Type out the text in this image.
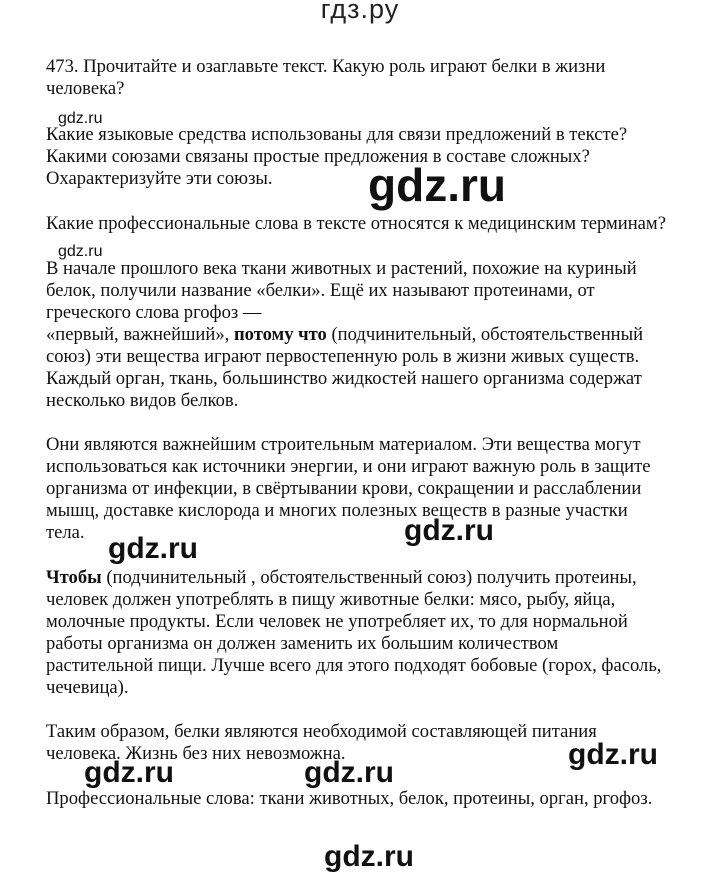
гдз.ру
473. Прочитайте и озаглавьте текст. Какую роль играют белки в жизни
человека?
Какие языковые средства использованы для связи предложений в тексте?
Какими союзами связаны простые предложения в составе сложных?
Охарактеризуйте эти союзы.
Какие профессиональные слова в тексте относятся к медицинским терминам?
В начале прошлого века ткани животных и растений, похожие на куриный
белок, получили название «белки». Ещё их называют протеинами, от
греческого слова ргофоз —
«первый, важнейший», потому что (подчинительный, обстоятельственный
союз) эти вещества играют первостепенную роль в жизни живых существ.
Каждый орган, ткань, большинство жидкостей нашего организма содержат
несколько видов белков.
Они являются важнейшим строительным материалом. Эти вещества могут
использоваться как источники энергии, и они играют важную роль в защите
организма от инфекции, в свёртывании крови, сокращении и расслаблении
мышц, доставке кислорода и многих полезных веществ в разные участки
тела.
Чтобы (подчинительный , обстоятельственный союз) получить протеины,
человек должен употреблять в пищу животные белки: мясо, рыбу, яйца,
молочные продукты. Если человек не употребляет их, то для нормальной
работы организма он должен заменить их большим количеством
растительной пищи. Лучше всего для этого подходят бобовые (горох, фасоль,
чечевица).
Таким образом, белки являются необходимой составляющей питания
человека. Жизнь без них невозможна.
Профессиональные слова: ткани животных, белок, протеины, орган, ргофоз.
gdz.ru
gdz.ru
gdz.ru
gdz.ru
gdz.ru
gdz.ru	gdz.ru
gdz.ru
gdz.ru
